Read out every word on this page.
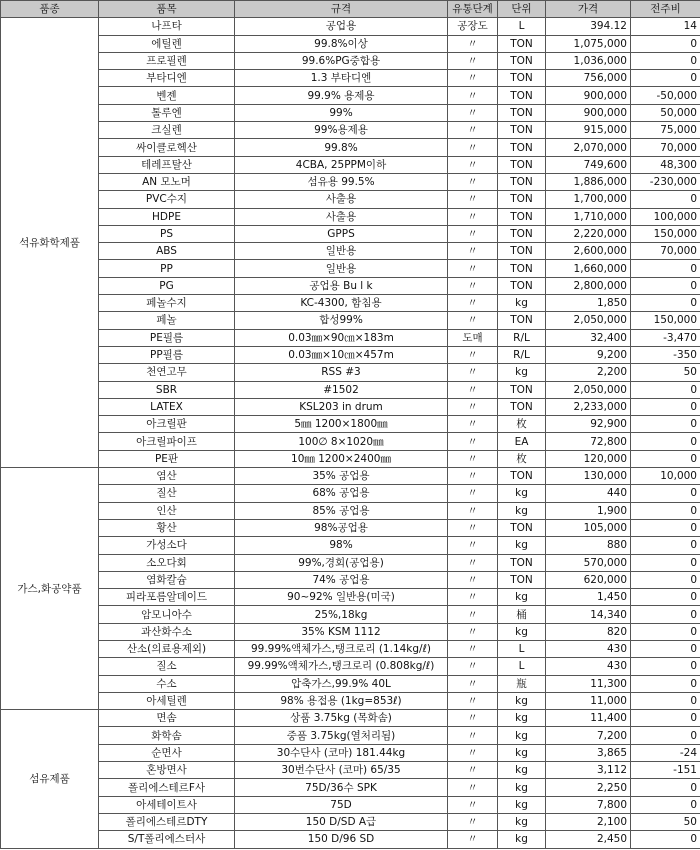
품종	품목	규격	유통단계	단위	가격	전주비
석유화학제품	나프타	공업용	공장도	L	394.12	14
	에틸렌	99.8%이상	〃	TON	1,075,000	0
	프로필렌	99.6%PG중합용	〃	TON	1,036,000	0
	부타디엔	1.3 부타디엔	〃	TON	756,000	0
	벤젠	99.9% 용제용	〃	TON	900,000	-50,000
	톨루엔	99%	〃	TON	900,000	50,000
	크실렌	99%용제용	〃	TON	915,000	75,000
	싸이클로헥산	99.8%	〃	TON	2,070,000	70,000
	테레프탈산	4CBA, 25PPM이하	〃	TON	749,600	48,300
	AN 모노머	섬유용 99.5%	〃	TON	1,886,000	-230,000
	PVC수지	사출용	〃	TON	1,700,000	0
	HDPE	사출용	〃	TON	1,710,000	100,000
	PS	GPPS	〃	TON	2,220,000	150,000
	ABS	일반용	〃	TON	2,600,000	70,000
	PP	일반용	〃	TON	1,660,000	0
	PG	공업용 Bu l k	〃	TON	2,800,000	0
	페놀수지	KC-4300, 함침용	〃	kg	1,850	0
	페놀	합성99%	〃	TON	2,050,000	150,000
	PE필름	0.03㎜×90㎝×183m	도매	R/L	32,400	-3,470
	PP필름	0.03㎜×10㎝×457m	〃	R/L	9,200	-350
	천연고무	RSS #3	〃	kg	2,200	50
	SBR	#1502	〃	TON	2,050,000	0
	LATEX	KSL203 in drum	〃	TON	2,233,000	0
	아크릴판	5㎜ 1200×1800㎜	〃	枚	92,900	0
	아크릴파이프	100∅ 8×1020㎜	〃	EA	72,800	0
	PE판	10㎜ 1200×2400㎜	〃	枚	120,000	0
가스,화공약품	염산	35% 공업용	〃	TON	130,000	10,000
	질산	68% 공업용	〃	kg	440	0
	인산	85% 공업용	〃	kg	1,900	0
	황산	98%공업용	〃	TON	105,000	0
	가성소다	98%	〃	kg	880	0
	소오다회	99%,경회(공업용)	〃	TON	570,000	0
	염화칼슘	74% 공업용	〃	TON	620,000	0
	피라포름알데이드	90~92% 일반용(미국)	〃	kg	1,450	0
	암모니아수	25%,18kg	〃	桶	14,340	0
	과산화수소	35% KSM 1112	〃	kg	820	0
	산소(의료용제외)	99.99%액체가스,탱크로리 (1.14kg/ℓ)	〃	L	430	0
	질소	99.99%액체가스,탱크로리 (0.808kg/ℓ)	〃	L	430	0
	수소	압축가스,99.9% 40L	〃	瓶	11,300	0
	아세틸렌	98% 용접용 (1kg=853ℓ)	〃	kg	11,000	0
섬유제품	면솜	상품 3.75kg (목화솜)	〃	kg	11,400	0
	화학솜	중품 3.75kg(열처리됨)	〃	kg	7,200	0
	순면사	30수단사 (코마) 181.44kg	〃	kg	3,865	-24
	혼방면사	30번수단사 (코마) 65/35	〃	kg	3,112	-151
	폴리에스테르F사	75D/36수 SPK	〃	kg	2,250	0
	아세테이트사	75D	〃	kg	7,800	0
	폴리에스테르DTY	150 D/SD A급	〃	kg	2,100	50
	S/T폴리에스터사	150 D/96 SD	〃	kg	2,450	0
